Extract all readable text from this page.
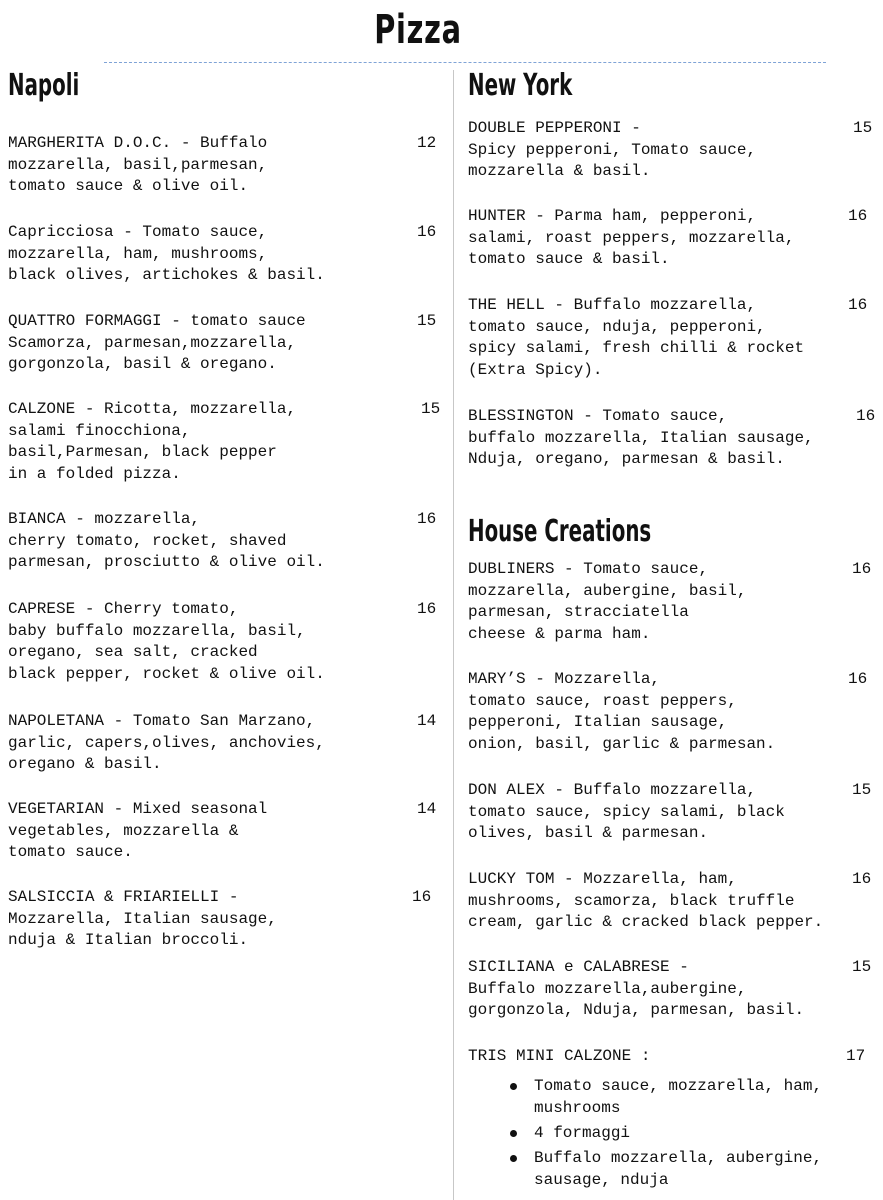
Pizza
Napoli	New York
House Creations
MARGHERITA D.O.C. - Buffalo
mozzarella, basil,parmesan,
tomato sauce & olive oil.
12
Capricciosa - Tomato sauce,
mozzarella, ham, mushrooms,
black olives, artichokes & basil.
16
QUATTRO FORMAGGI - tomato sauce
Scamorza, parmesan,mozzarella,
gorgonzola, basil & oregano.
15
CALZONE - Ricotta, mozzarella,
salami finocchiona,
basil,Parmesan, black pepper
in a folded pizza.
15
BIANCA - mozzarella,
cherry tomato, rocket, shaved
parmesan, prosciutto & olive oil.
16
CAPRESE - Cherry tomato,
baby buffalo mozzarella, basil,
oregano, sea salt, cracked
black pepper, rocket & olive oil.
16
NAPOLETANA - Tomato San Marzano,
garlic, capers,olives, anchovies,
oregano & basil.
14
VEGETARIAN - Mixed seasonal
vegetables, mozzarella &
tomato sauce.
14
SALSICCIA & FRIARIELLI -
Mozzarella, Italian sausage,
nduja & Italian broccoli.
16
DOUBLE PEPPERONI -
Spicy pepperoni, Tomato sauce,
mozzarella & basil.
15
HUNTER - Parma ham, pepperoni,
salami, roast peppers, mozzarella,
tomato sauce & basil.
16
THE HELL - Buffalo mozzarella,
tomato sauce, nduja, pepperoni,
spicy salami, fresh chilli & rocket
(Extra Spicy).
16
BLESSINGTON - Tomato sauce,
buffalo mozzarella, Italian sausage,
Nduja, oregano, parmesan & basil.
16
DUBLINERS - Tomato sauce,
mozzarella, aubergine, basil,
parmesan, stracciatella
cheese & parma ham.
16
MARY’S - Mozzarella,
tomato sauce, roast peppers,
pepperoni, Italian sausage,
onion, basil, garlic & parmesan.
16
DON ALEX - Buffalo mozzarella,
tomato sauce, spicy salami, black
olives, basil & parmesan.
15
LUCKY TOM - Mozzarella, ham,
mushrooms, scamorza, black truffle
cream, garlic & cracked black pepper.
16
SICILIANA e CALABRESE -
Buffalo mozzarella,aubergine,
gorgonzola, Nduja, parmesan, basil.
15
TRIS MINI CALZONE :	17
Tomato sauce, mozzarella, ham,
mushrooms
4 formaggi
Buffalo mozzarella, aubergine,
sausage, nduja
